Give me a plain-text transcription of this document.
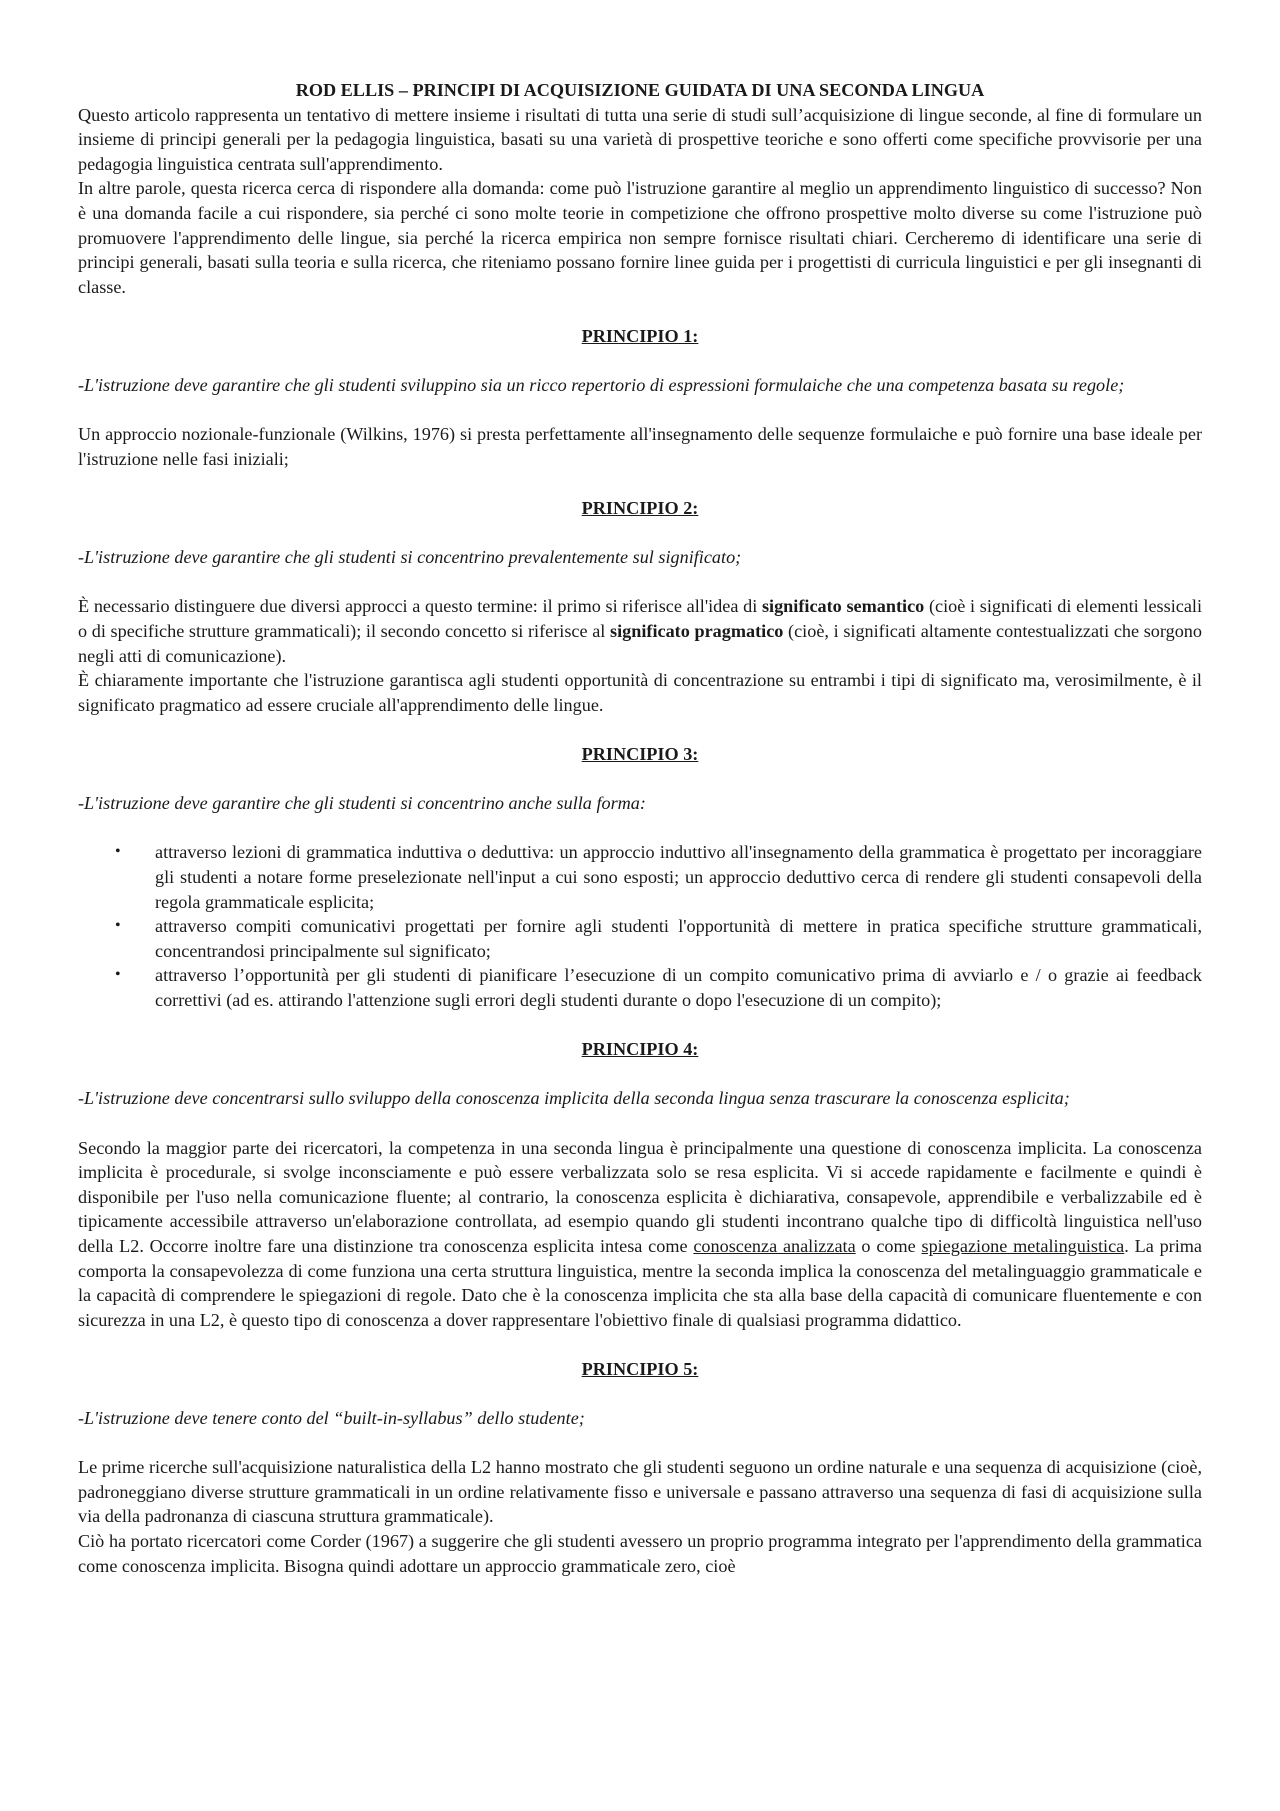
ROD ELLIS – PRINCIPI DI ACQUISIZIONE GUIDATA DI UNA SECONDA LINGUA

Questo articolo rappresenta un tentativo di mettere insieme i risultati di tutta una serie di studi sull’acquisizione di lingue seconde, al fine di formulare un insieme di principi generali per la pedagogia linguistica, basati su una varietà di prospettive teoriche e sono offerti come specifiche provvisorie per una pedagogia linguistica centrata sull'apprendimento.

In altre parole, questa ricerca cerca di rispondere alla domanda: come può l'istruzione garantire al meglio un apprendimento linguistico di successo? Non è una domanda facile a cui rispondere, sia perché ci sono molte teorie in competizione che offrono prospettive molto diverse su come l'istruzione può promuovere l'apprendimento delle lingue, sia perché la ricerca empirica non sempre fornisce risultati chiari. Cercheremo di identificare una serie di principi generali, basati sulla teoria e sulla ricerca, che riteniamo possano fornire linee guida per i progettisti di curricula linguistici e per gli insegnanti di classe.

PRINCIPIO 1:

-L'istruzione deve garantire che gli studenti sviluppino sia un ricco repertorio di espressioni formulaiche che una competenza basata su regole;

Un approccio nozionale-funzionale (Wilkins, 1976) si presta perfettamente all'insegnamento delle sequenze formulaiche e può fornire una base ideale per l'istruzione nelle fasi iniziali;

PRINCIPIO 2:

-L'istruzione deve garantire che gli studenti si concentrino prevalentemente sul significato;

È necessario distinguere due diversi approcci a questo termine: il primo si riferisce all'idea di significato semantico (cioè i significati di elementi lessicali o di specifiche strutture grammaticali); il secondo concetto si riferisce al significato pragmatico (cioè, i significati altamente contestualizzati che sorgono negli atti di comunicazione).

È chiaramente importante che l'istruzione garantisca agli studenti opportunità di concentrazione su entrambi i tipi di significato ma, verosimilmente, è il significato pragmatico ad essere cruciale all'apprendimento delle lingue.

PRINCIPIO 3:

-L'istruzione deve garantire che gli studenti si concentrino anche sulla forma:

• attraverso lezioni di grammatica induttiva o deduttiva: un approccio induttivo all'insegnamento della grammatica è progettato per incoraggiare gli studenti a notare forme preselezionate nell'input a cui sono esposti; un approccio deduttivo cerca di rendere gli studenti consapevoli della regola grammaticale esplicita;
• attraverso compiti comunicativi progettati per fornire agli studenti l'opportunità di mettere in pratica specifiche strutture grammaticali, concentrandosi principalmente sul significato;
• attraverso l’opportunità per gli studenti di pianificare l’esecuzione di un compito comunicativo prima di avviarlo e / o grazie ai feedback correttivi (ad es. attirando l'attenzione sugli errori degli studenti durante o dopo l'esecuzione di un compito);

PRINCIPIO 4:

-L'istruzione deve concentrarsi sullo sviluppo della conoscenza implicita della seconda lingua senza trascurare la conoscenza esplicita;

Secondo la maggior parte dei ricercatori, la competenza in una seconda lingua è principalmente una questione di conoscenza implicita. La conoscenza implicita è procedurale, si svolge inconsciamente e può essere verbalizzata solo se resa esplicita. Vi si accede rapidamente e facilmente e quindi è disponibile per l'uso nella comunicazione fluente; al contrario, la conoscenza esplicita è dichiarativa, consapevole, apprendibile e verbalizzabile ed è tipicamente accessibile attraverso un'elaborazione controllata, ad esempio quando gli studenti incontrano qualche tipo di difficoltà linguistica nell'uso della L2. Occorre inoltre fare una distinzione tra conoscenza esplicita intesa come conoscenza analizzata o come spiegazione metalinguistica. La prima comporta la consapevolezza di come funziona una certa struttura linguistica, mentre la seconda implica la conoscenza del metalinguaggio grammaticale e la capacità di comprendere le spiegazioni di regole. Dato che è la conoscenza implicita che sta alla base della capacità di comunicare fluentemente e con sicurezza in una L2, è questo tipo di conoscenza a dover rappresentare l'obiettivo finale di qualsiasi programma didattico.

PRINCIPIO 5:

-L'istruzione deve tenere conto del “built-in-syllabus” dello studente;

Le prime ricerche sull'acquisizione naturalistica della L2 hanno mostrato che gli studenti seguono un ordine naturale e una sequenza di acquisizione (cioè, padroneggiano diverse strutture grammaticali in un ordine relativamente fisso e universale e passano attraverso una sequenza di fasi di acquisizione sulla via della padronanza di ciascuna struttura grammaticale).

Ciò ha portato ricercatori come Corder (1967) a suggerire che gli studenti avessero un proprio programma integrato per l'apprendimento della grammatica come conoscenza implicita. Bisogna quindi adottare un approccio grammaticale zero, cioè
